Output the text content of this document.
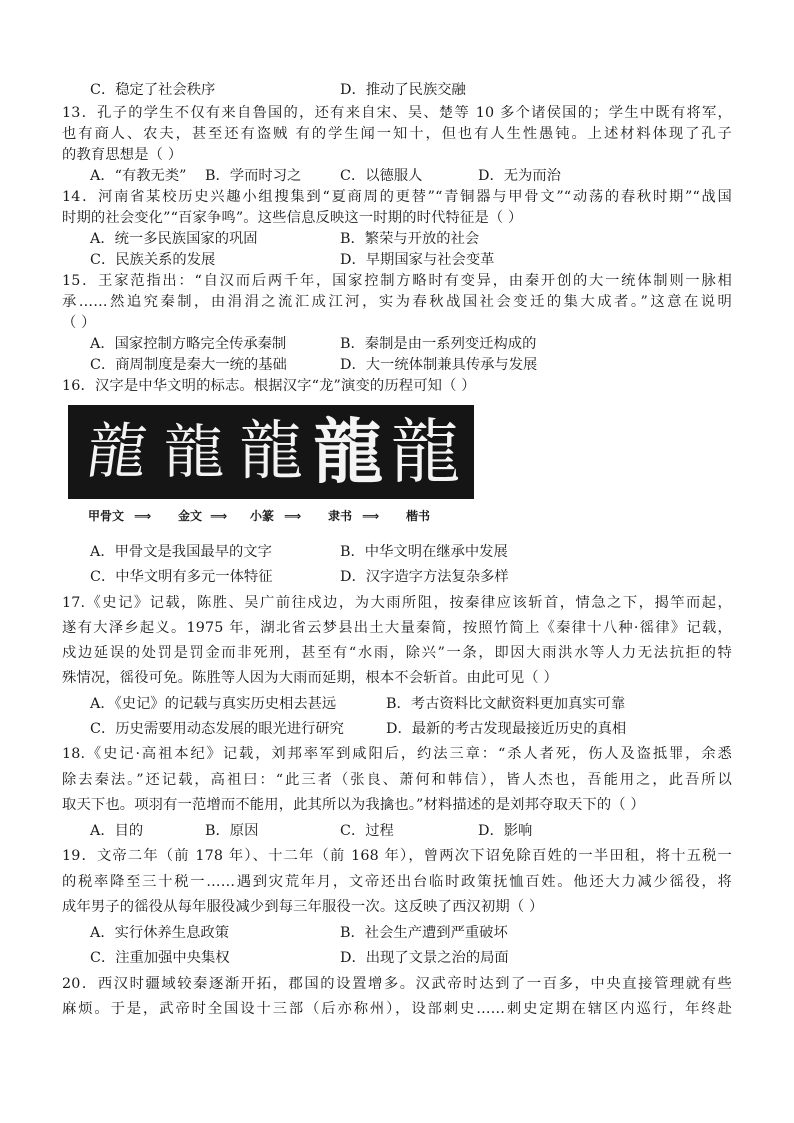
C．稳定了社会秩序	D．推动了民族交融
13．孔子的学生不仅有来自鲁国的，还有来自宋、吴、楚等 10 多个诸侯国的；学生中既有将军，
也有商人、农夫，甚至还有盗贼 有的学生闻一知十，但也有人生性愚钝。上述材料体现了孔子
的教育思想是（ ）
A．“有教无类” B．学而时习之	C．以德服人	D．无为而治
14．河南省某校历史兴趣小组搜集到“夏商周的更替”“青铜器与甲骨文”“动荡的春秋时期”“战国
时期的社会变化”“百家争鸣”。这些信息反映这一时期的时代特征是（ ）
A．统一多民族国家的巩固	B．繁荣与开放的社会
C．民族关系的发展	D．早期国家与社会变革
15．王家范指出：“自汉而后两千年，国家控制方略时有变异，由秦开创的大一统体制则一脉相
承……然追究秦制，由涓涓之流汇成江河，实为春秋战国社会变迁的集大成者。”这意在说明
（ ）
A．国家控制方略完全传承秦制	B．秦制是由一系列变迁构成的
C．商周制度是秦大一统的基础	D．大一统体制兼具传承与发展
16．汉字是中华文明的标志。根据汉字“龙”演变的历程可知（ ）
龍 龍 龍 龍 龍
甲骨文 ⟹ 金文 ⟹ 小篆 ⟹ 隶书 ⟹ 楷书
A．甲骨文是我国最早的文字	B．中华文明在继承中发展
C．中华文明有多元一体特征	D．汉字造字方法复杂多样
17.《史记》记载，陈胜、吴广前往戍边，为大雨所阻，按秦律应该斩首，情急之下，揭竿而起，
遂有大泽乡起义。1975 年，湖北省云梦县出土大量秦简，按照竹简上《秦律十八种·徭律》记载，
戍边延误的处罚是罚金而非死刑，甚至有“水雨，除兴”一条，即因大雨洪水等人力无法抗拒的特
殊情况，徭役可免。陈胜等人因为大雨而延期，根本不会斩首。由此可见（ ）
A．《史记》的记载与真实历史相去甚远	B．考古资料比文献资料更加真实可靠
C．历史需要用动态发展的眼光进行研究	D．最新的考古发现最接近历史的真相
18.《史记·高祖本纪》记载，刘邦率军到咸阳后，约法三章：“杀人者死，伤人及盗抵罪，余悉
除去秦法。”还记载，高祖曰：“此三者（张良、萧何和韩信），皆人杰也，吾能用之，此吾所以
取天下也。项羽有一范增而不能用，此其所以为我擒也。”材料描述的是刘邦夺取天下的（ ）
A．目的	B．原因	C．过程	D．影响
19．文帝二年（前 178 年）、十二年（前 168 年），曾两次下诏免除百姓的一半田租，将十五税一
的税率降至三十税一……遇到灾荒年月，文帝还出台临时政策抚恤百姓。他还大力减少徭役，将
成年男子的徭役从每年服役减少到每三年服役一次。这反映了西汉初期（ ）
A．实行休养生息政策	B．社会生产遭到严重破坏
C．注重加强中央集权	D．出现了文景之治的局面
20．西汉时疆域较秦逐渐开拓，郡国的设置增多。汉武帝时达到了一百多，中央直接管理就有些
麻烦。于是，武帝时全国设十三部（后亦称州），设部刺史……刺史定期在辖区内巡行，年终赴
